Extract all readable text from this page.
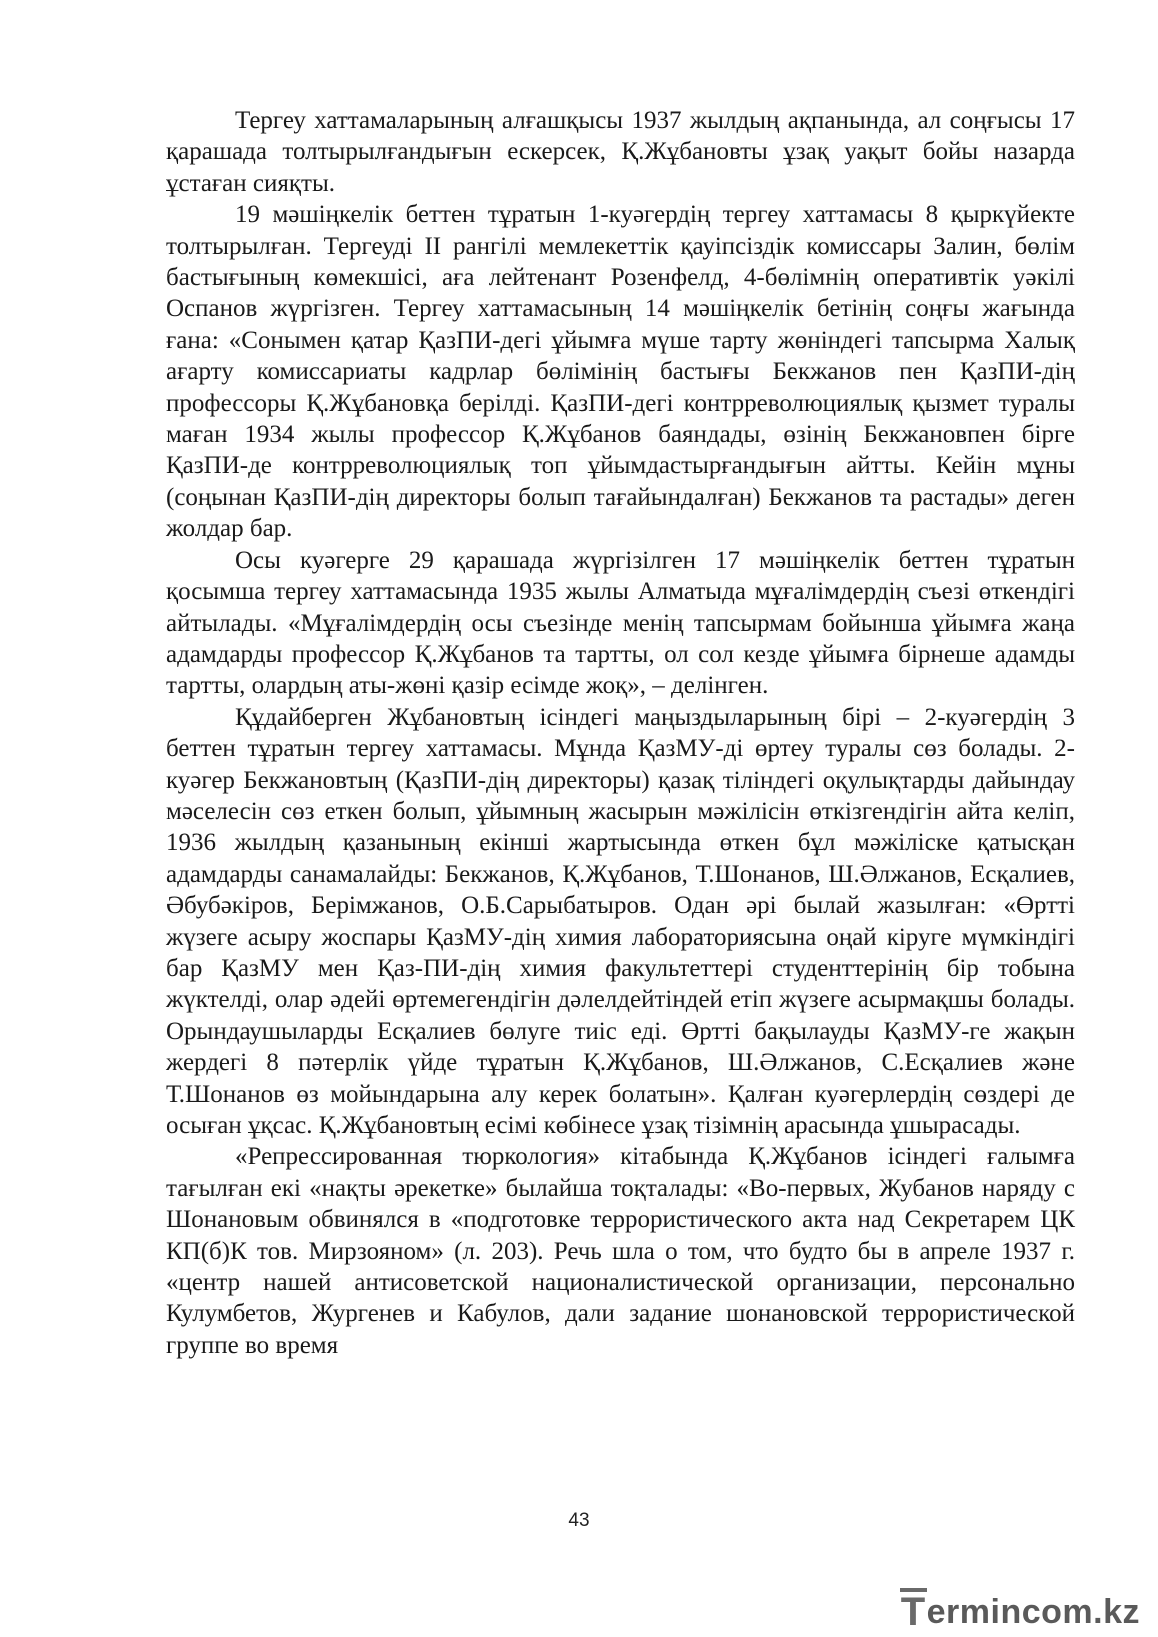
Тергеу хаттамаларының алғашқысы 1937 жылдың ақпанында, ал соңғысы 17 қарашада толтырылғандығын ескерсек, Қ.Жұбановты ұзақ уақыт бойы назарда ұстаған сияқты.

19 мәшіңкелік беттен тұратын 1-куәгердің тергеу хаттамасы 8 қыркүйекте толтырылған. Тергеуді ІІ рангілі мемлекеттік қауіпсіздік комиссары Залин, бөлім бастығының көмекшісі, аға лейтенант Розенфелд, 4-бөлімнің оперативтік уәкілі Оспанов жүргізген. Тергеу хаттамасының 14 мәшіңкелік бетінің соңғы жағында ғана: «Сонымен қатар ҚазПИ-дегі ұйымға мүше тарту жөніндегі тапсырма Халық ағарту комиссариаты кадрлар бөлімінің бастығы Бекжанов пен ҚазПИ-дің профессоры Қ.Жұбановқа берілді. ҚазПИ-дегі контрреволюциялық қызмет туралы маған 1934 жылы профессор Қ.Жұбанов баяндады, өзінің Бекжановпен бірге ҚазПИ-де контрреволюциялық топ ұйымдастырғандығын айтты. Кейін мұны (соңынан ҚазПИ-дің директоры болып тағайындалған) Бекжанов та растады» деген жолдар бар.

Осы куәгерге 29 қарашада жүргізілген 17 мәшіңкелік беттен тұратын қосымша тергеу хаттамасында 1935 жылы Алматыда мұғалімдердің съезі өткендігі айтылады. «Мұғалімдердің осы съезінде менің тапсырмам бойынша ұйымға жаңа адамдарды профессор Қ.Жұбанов та тартты, ол сол кезде ұйымға бірнеше адамды тартты, олардың аты-жөні қазір есімде жоқ», – делінген.

Құдайберген Жұбановтың ісіндегі маңыздыларының бірі – 2-куәгердің 3 беттен тұратын тергеу хаттамасы. Мұнда ҚазМУ-ді өртеу туралы сөз болады. 2-куәгер Бекжановтың (ҚазПИ-дің директоры) қазақ тіліндегі оқулықтарды дайындау мәселесін сөз еткен болып, ұйымның жасырын мәжілісін өткізгендігін айта келіп, 1936 жылдың қазанының екінші жартысында өткен бұл мәжіліске қатысқан адамдарды санамалайды: Бекжанов, Қ.Жұбанов, Т.Шонанов, Ш.Әлжанов, Есқалиев, Әбубәкіров, Берімжанов, О.Б.Сарыбатыров. Одан әрі былай жазылған: «Өртті жүзеге асыру жоспары ҚазМУ-дің химия лабораториясына оңай кіруге мүмкіндігі бар ҚазМУ мен Қаз-ПИ-дің химия факультеттері студенттерінің бір тобына жүктелді, олар әдейі өртемегендігін дәлелдейтіндей етіп жүзеге асырмақшы болады. Орындаушыларды Есқалиев бөлуге тиіс еді. Өртті бақылауды ҚазМУ-ге жақын жердегі 8 пәтерлік үйде тұратын Қ.Жұбанов, Ш.Әлжанов, С.Есқалиев және Т.Шонанов өз мойындарына алу керек болатын». Қалған куәгерлердің сөздері де осыған ұқсас. Қ.Жұбановтың есімі көбінесе ұзақ тізімнің арасында ұшырасады.

«Репрессированная тюркология» кітабында Қ.Жұбанов ісіндегі ғалымға тағылған екі «нақты әрекетке» былайша тоқталады: «Во-первых, Жубанов наряду с Шонановым обвинялся в «подготовке террористического акта над Секретарем ЦК КП(б)К тов. Мирзояном» (л. 203). Речь шла о том, что будто бы в апреле 1937 г. «центр нашей антисоветской националистической организации, персонально Кулумбетов, Жургенев и Кабулов, дали задание шонановской террористической группе во время

43
T ermincom.kz
